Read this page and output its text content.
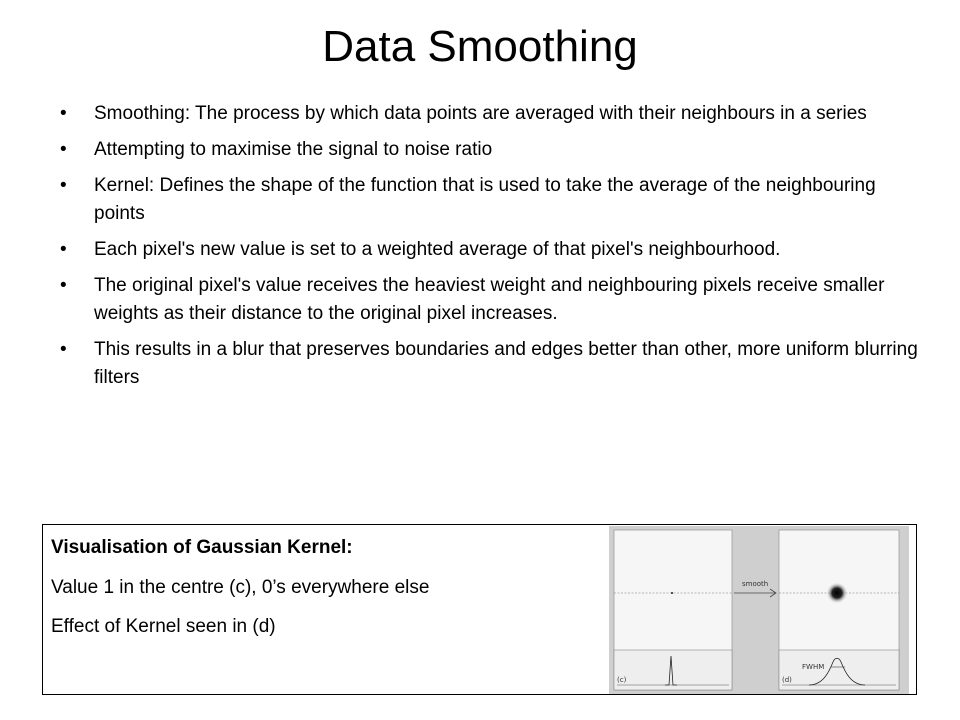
Data Smoothing
• Smoothing: The process by which data points are averaged with their neighbours in a series
• Attempting to maximise the signal to noise ratio
• Kernel: Defines the shape of the function that is used to take the average of the neighbouring points
• Each pixel's new value is set to a weighted average of that pixel's neighbourhood.
• The original pixel's value receives the heaviest weight and neighbouring pixels receive smaller weights as their distance to the original pixel increases.
• This results in a blur that preserves boundaries and edges better than other, more uniform blurring filters
Visualisation of Gaussian Kernel:
Value 1 in the centre (c), 0’s everywhere else
Effect of Kernel seen in (d)
(c)
smooth
FWHM
(d)
